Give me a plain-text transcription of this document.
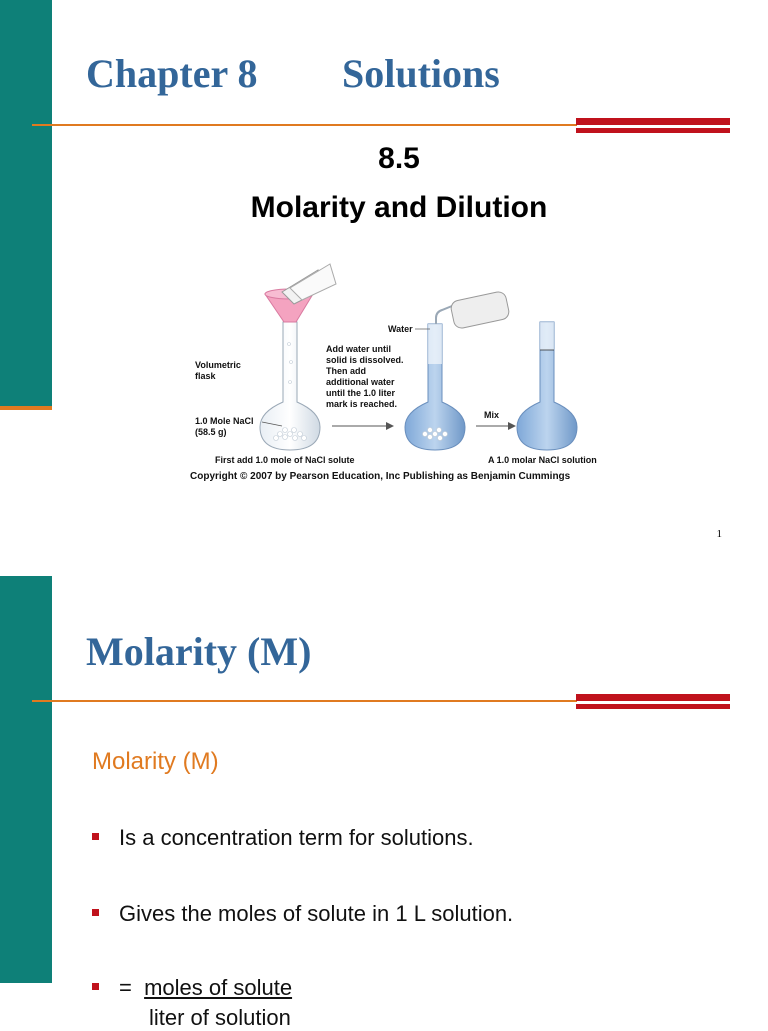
Chapter 8 Solutions
8.5
Molarity and Dilution
Volumetric flask
1.0 Mole NaCl (58.5 g)
Water
Add water until solid is dissolved. Then add additional water until the 1.0 liter mark is reached.
Mix
First add 1.0 mole of NaCl solute	A 1.0 molar NaCl solution
Copyright © 2007 by Pearson Education, Inc Publishing as Benjamin Cummings
1
Molarity (M)
Molarity (M)
Is a concentration term for solutions.
Gives the moles of solute in 1 L solution.
= moles of solute
liter of solution
